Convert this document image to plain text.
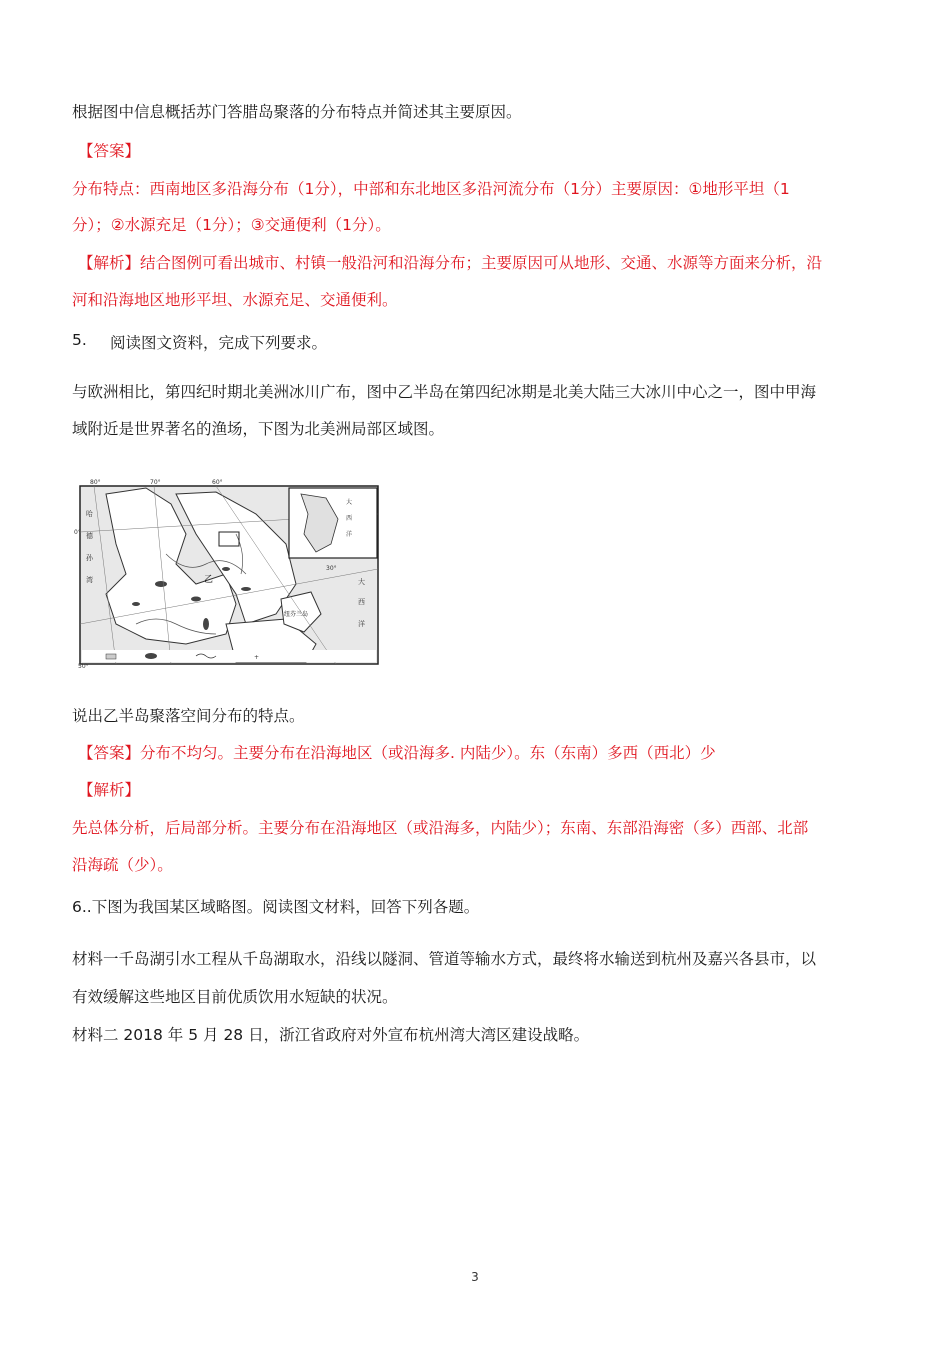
根据图中信息概括苏门答腊岛聚落的分布特点并简述其主要原因。
【答案】
分布特点：西南地区多沿海分布（1分），中部和东北地区多沿河流分布（1分）主要原因：①地形平坦（1
分）；②水源充足（1分）；③交通便利（1分）。
【解析】结合图例可看出城市、村镇一般沿河和沿海分布；主要原因可从地形、交通、水源等方面来分析，沿
河和沿海地区地形平坦、水源充足、交通便利。
5. 阅读图文资料，完成下列要求。
与欧洲相比，第四纪时期北美洲冰川广布，图中乙半岛在第四纪冰期是北美大陆三大冰川中心之一，图中甲海
域附近是世界著名的渔场，下图为北美洲局部区域图。
+
80°	70°	60°
0°
30°
50°
哈
德
孙
湾	乙
纽芬兰岛
大
西
洋
大
西
洋
说出乙半岛聚落空间分布的特点。
【答案】分布不均匀。主要分布在沿海地区（或沿海多. 内陆少）。东（东南）多西（西北）少
【解析】
先总体分析，后局部分析。主要分布在沿海地区（或沿海多，内陆少）；东南、东部沿海密（多）西部、北部
沿海疏（少）。
6..下图为我国某区域略图。阅读图文材料，回答下列各题。
材料一千岛湖引水工程从千岛湖取水，沿线以隧洞、管道等输水方式，最终将水输送到杭州及嘉兴各县市，以
有效缓解这些地区目前优质饮用水短缺的状况。
材料二 2018 年 5 月 28 日，浙江省政府对外宣布杭州湾大湾区建设战略。
3
